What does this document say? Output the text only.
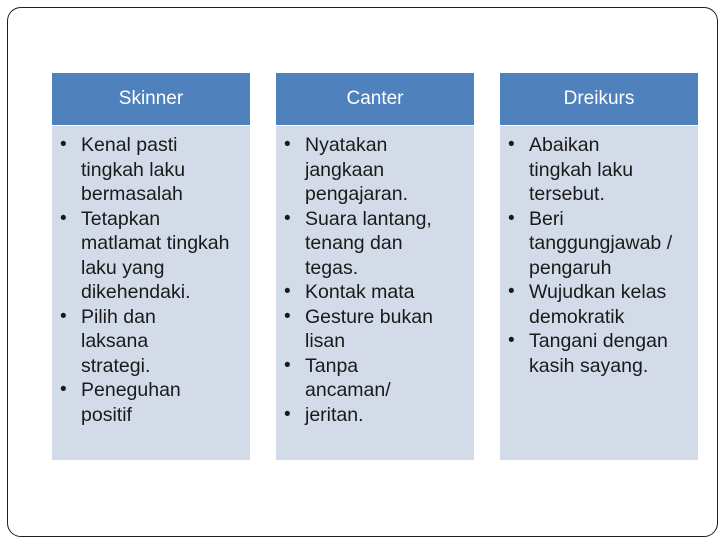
Skinner
• Kenal pasti tingkah laku bermasalah
• Tetapkan matlamat tingkah laku yang dikehendaki.
• Pilih dan laksana strategi.
• Peneguhan positif
Canter
• Nyatakan jangkaan pengajaran.
• Suara lantang, tenang dan tegas.
• Kontak mata
• Gesture bukan lisan
• Tanpa ancaman/
• jeritan.
Dreikurs
• Abaikan tingkah laku tersebut.
• Beri tanggungjawab / pengaruh
• Wujudkan kelas demokratik
• Tangani dengan kasih sayang.
